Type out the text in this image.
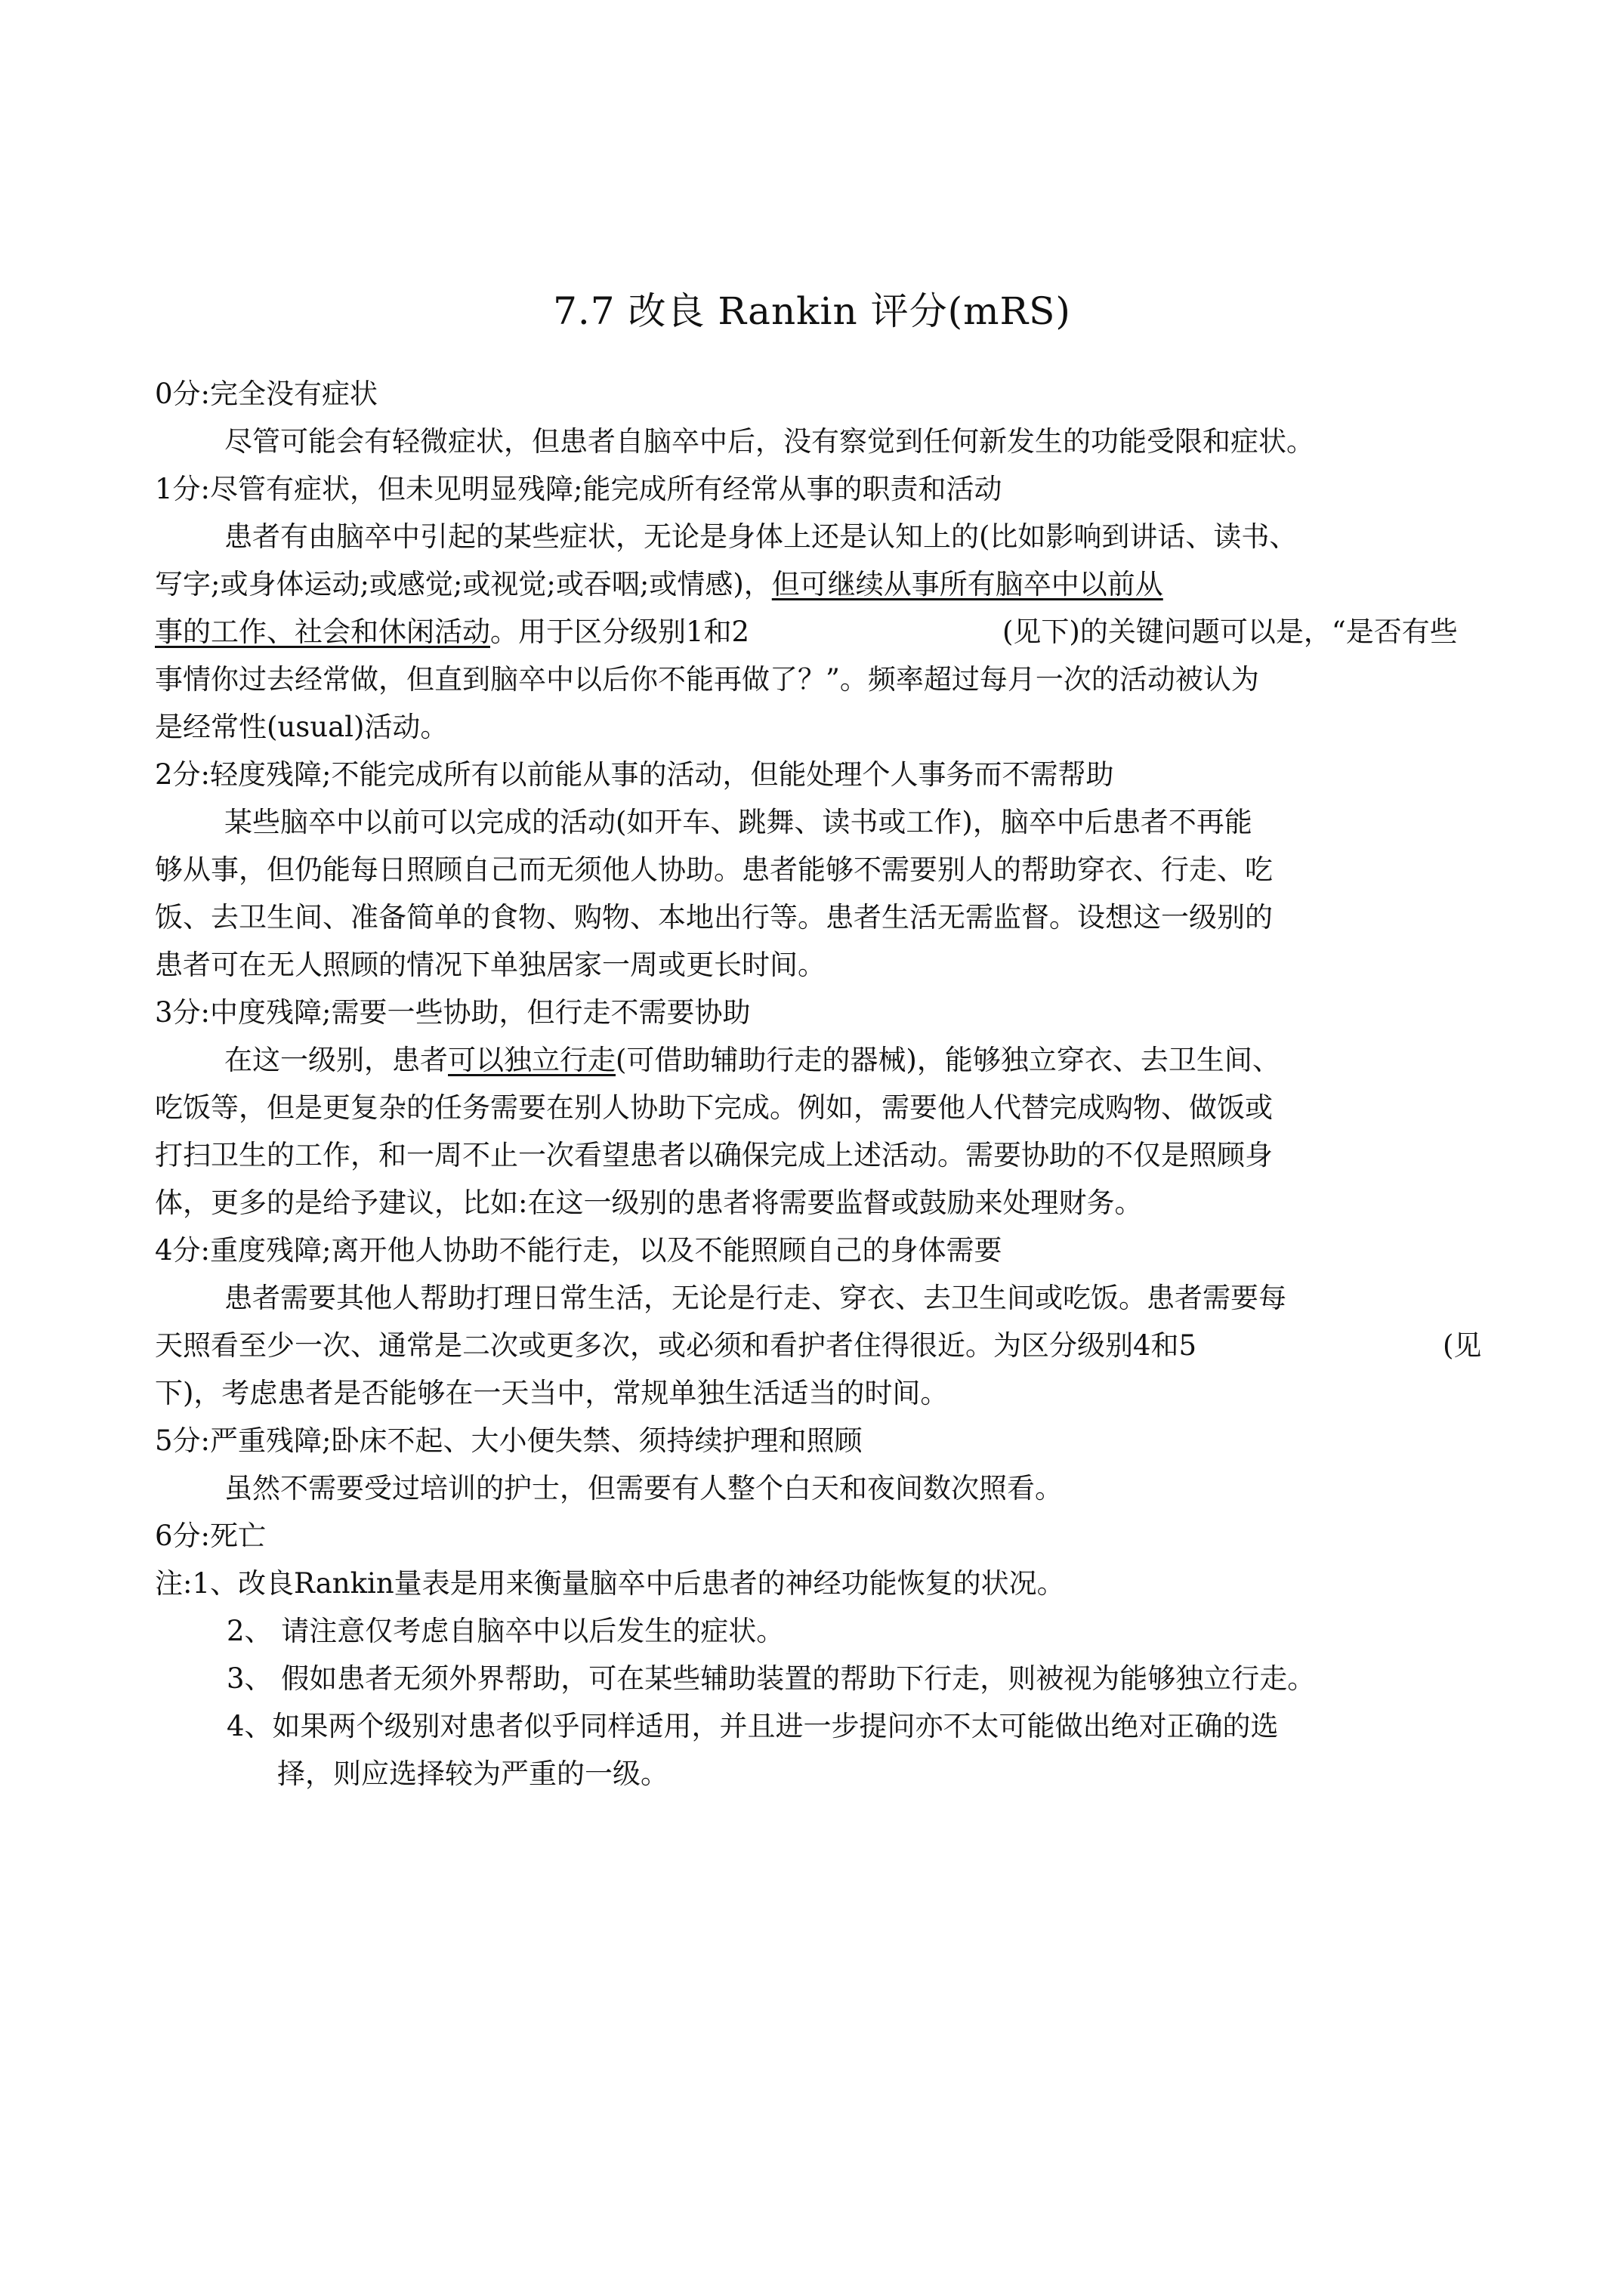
7.7 改良 Rankin 评分(mRS)
0分:完全没有症状
尽管可能会有轻微症状，但患者自脑卒中后，没有察觉到任何新发生的功能受限和症状。
1分:尽管有症状，但未见明显残障;能完成所有经常从事的职责和活动
患者有由脑卒中引起的某些症状，无论是身体上还是认知上的(比如影响到讲话、读书、
写字;或身体运动;或感觉;或视觉;或吞咽;或情感)，但可继续从事所有脑卒中以前从
事的工作、社会和休闲活动。用于区分级别1和2	(见下)的关键问题可以是，“是否有些
事情你过去经常做，但直到脑卒中以后你不能再做了？”。频率超过每月一次的活动被认为
是经常性(usual)活动。
2分:轻度残障;不能完成所有以前能从事的活动，但能处理个人事务而不需帮助
某些脑卒中以前可以完成的活动(如开车、跳舞、读书或工作)，脑卒中后患者不再能
够从事，但仍能每日照顾自己而无须他人协助。患者能够不需要别人的帮助穿衣、行走、吃
饭、去卫生间、准备简单的食物、购物、本地出行等。患者生活无需监督。设想这一级别的
患者可在无人照顾的情况下单独居家一周或更长时间。
3分:中度残障;需要一些协助，但行走不需要协助
在这一级别，患者可以独立行走(可借助辅助行走的器械)，能够独立穿衣、去卫生间、
吃饭等，但是更复杂的任务需要在别人协助下完成。例如，需要他人代替完成购物、做饭或
打扫卫生的工作，和一周不止一次看望患者以确保完成上述活动。需要协助的不仅是照顾身
体，更多的是给予建议，比如:在这一级别的患者将需要监督或鼓励来处理财务。
4分:重度残障;离开他人协助不能行走，以及不能照顾自己的身体需要
患者需要其他人帮助打理日常生活，无论是行走、穿衣、去卫生间或吃饭。患者需要每
天照看至少一次、通常是二次或更多次，或必须和看护者住得很近。为区分级别4和5	(见
下)，考虑患者是否能够在一天当中，常规单独生活适当的时间。
5分:严重残障;卧床不起、大小便失禁、须持续护理和照顾
虽然不需要受过培训的护士，但需要有人整个白天和夜间数次照看。
6分:死亡
注:1、改良Rankin量表是用来衡量脑卒中后患者的神经功能恢复的状况。
2、 请注意仅考虑自脑卒中以后发生的症状。
3、 假如患者无须外界帮助，可在某些辅助装置的帮助下行走，则被视为能够独立行走。
4、如果两个级别对患者似乎同样适用，并且进一步提问亦不太可能做出绝对正确的选
择，则应选择较为严重的一级。
